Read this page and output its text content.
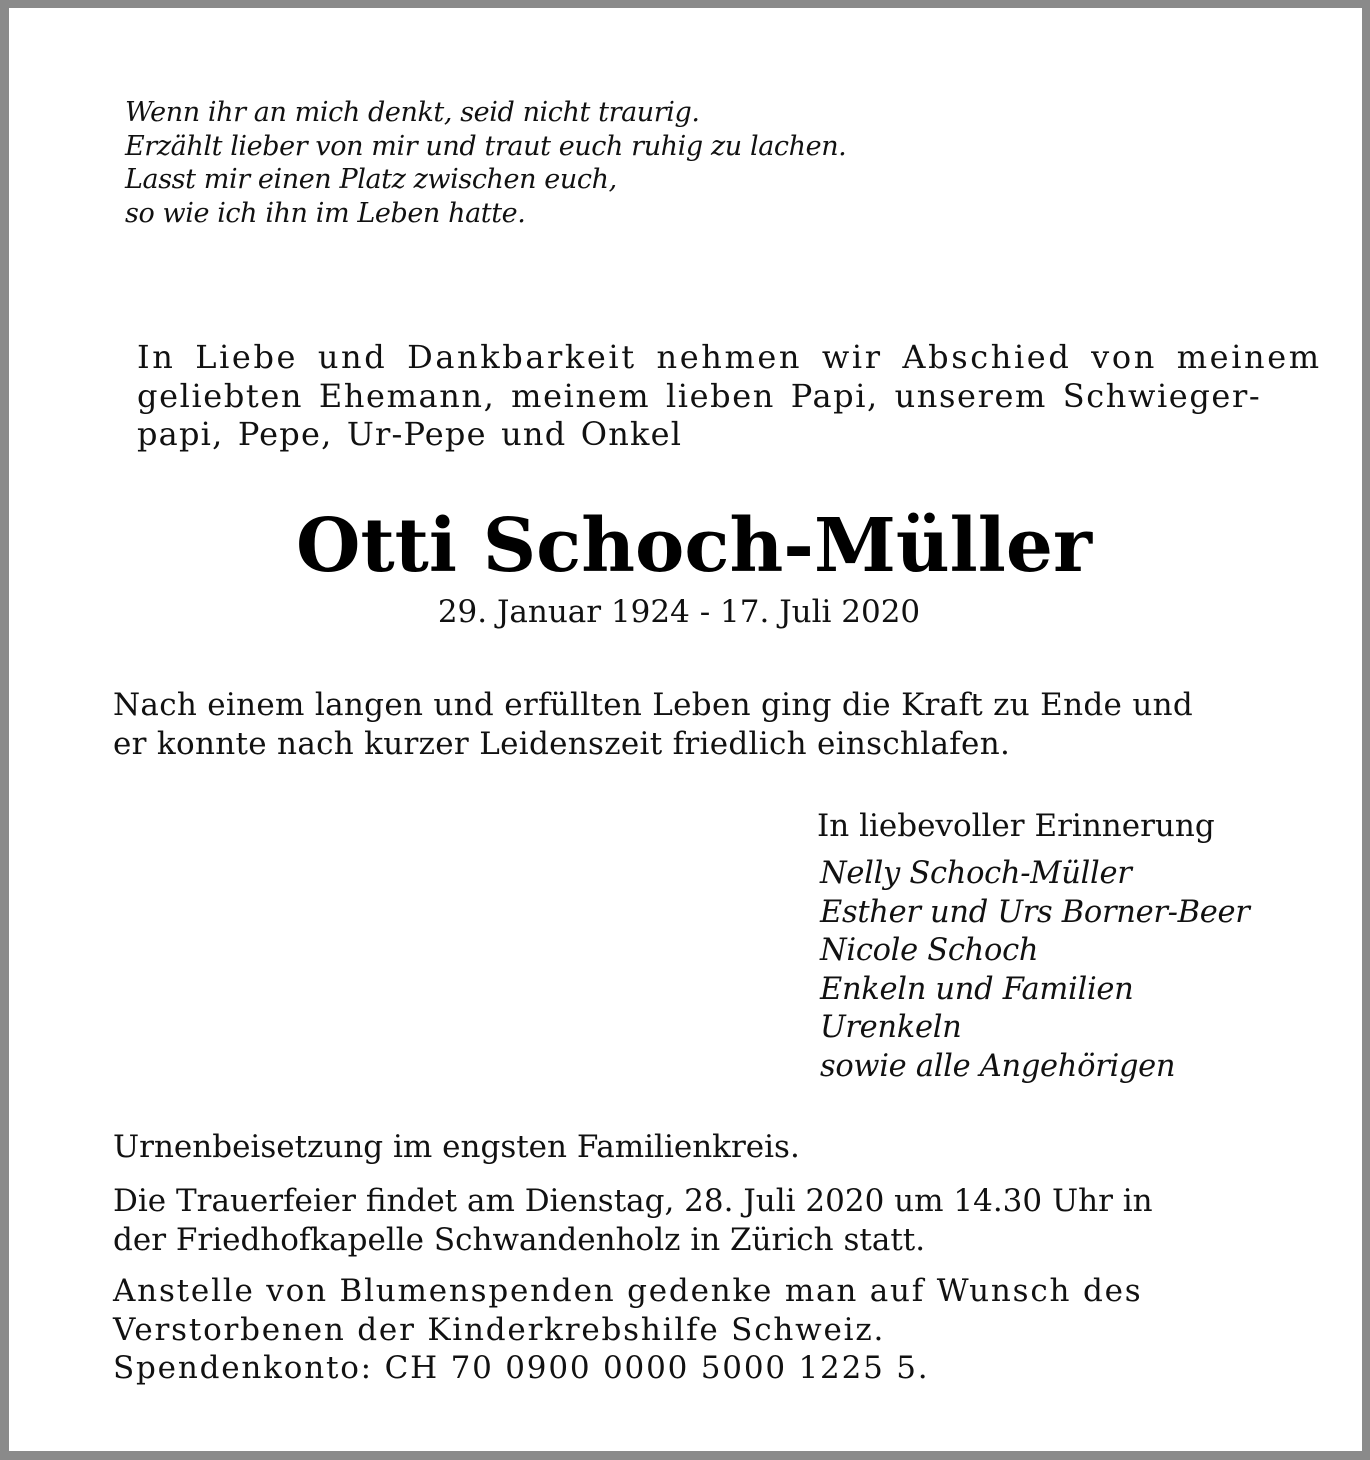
Wenn ihr an mich denkt, seid nicht traurig.
Erzählt lieber von mir und traut euch ruhig zu lachen.
Lasst mir einen Platz zwischen euch,
so wie ich ihn im Leben hatte.
In Liebe und Dankbarkeit nehmen wir Abschied von meinem
geliebten Ehemann, meinem lieben Papi, unserem Schwieger-
papi, Pepe, Ur-Pepe und Onkel
Otti Schoch-Müller
29. Januar 1924 - 17. Juli 2020
Nach einem langen und erfüllten Leben ging die Kraft zu Ende und
er konnte nach kurzer Leidenszeit friedlich einschlafen.
In liebevoller Erinnerung
Nelly Schoch-Müller
Esther und Urs Borner-Beer
Nicole Schoch
Enkeln und Familien
Urenkeln
sowie alle Angehörigen
Urnenbeisetzung im engsten Familienkreis.
Die Trauerfeier findet am Dienstag, 28. Juli 2020 um 14.30 Uhr in
der Friedhofkapelle Schwandenholz in Zürich statt.
Anstelle von Blumenspenden gedenke man auf Wunsch des
Verstorbenen der Kinderkrebshilfe Schweiz.
Spendenkonto: CH 70 0900 0000 5000 1225 5.
